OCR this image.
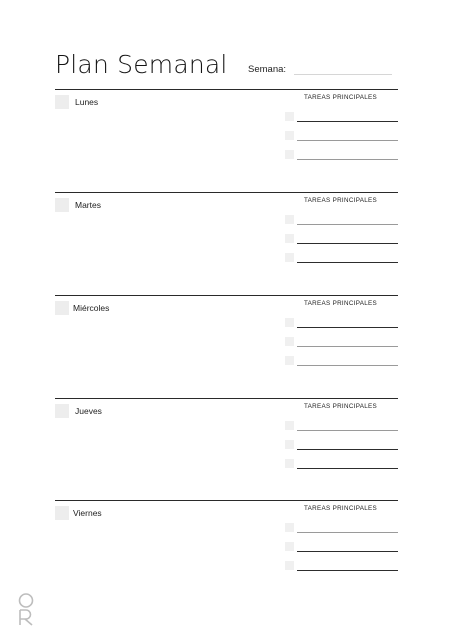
Plan Semanal Semana:
Lunes	TAREAS PRINCIPALES
Martes	TAREAS PRINCIPALES
Miércoles	TAREAS PRINCIPALES
Jueves	TAREAS PRINCIPALES
Viernes	TAREAS PRINCIPALES
